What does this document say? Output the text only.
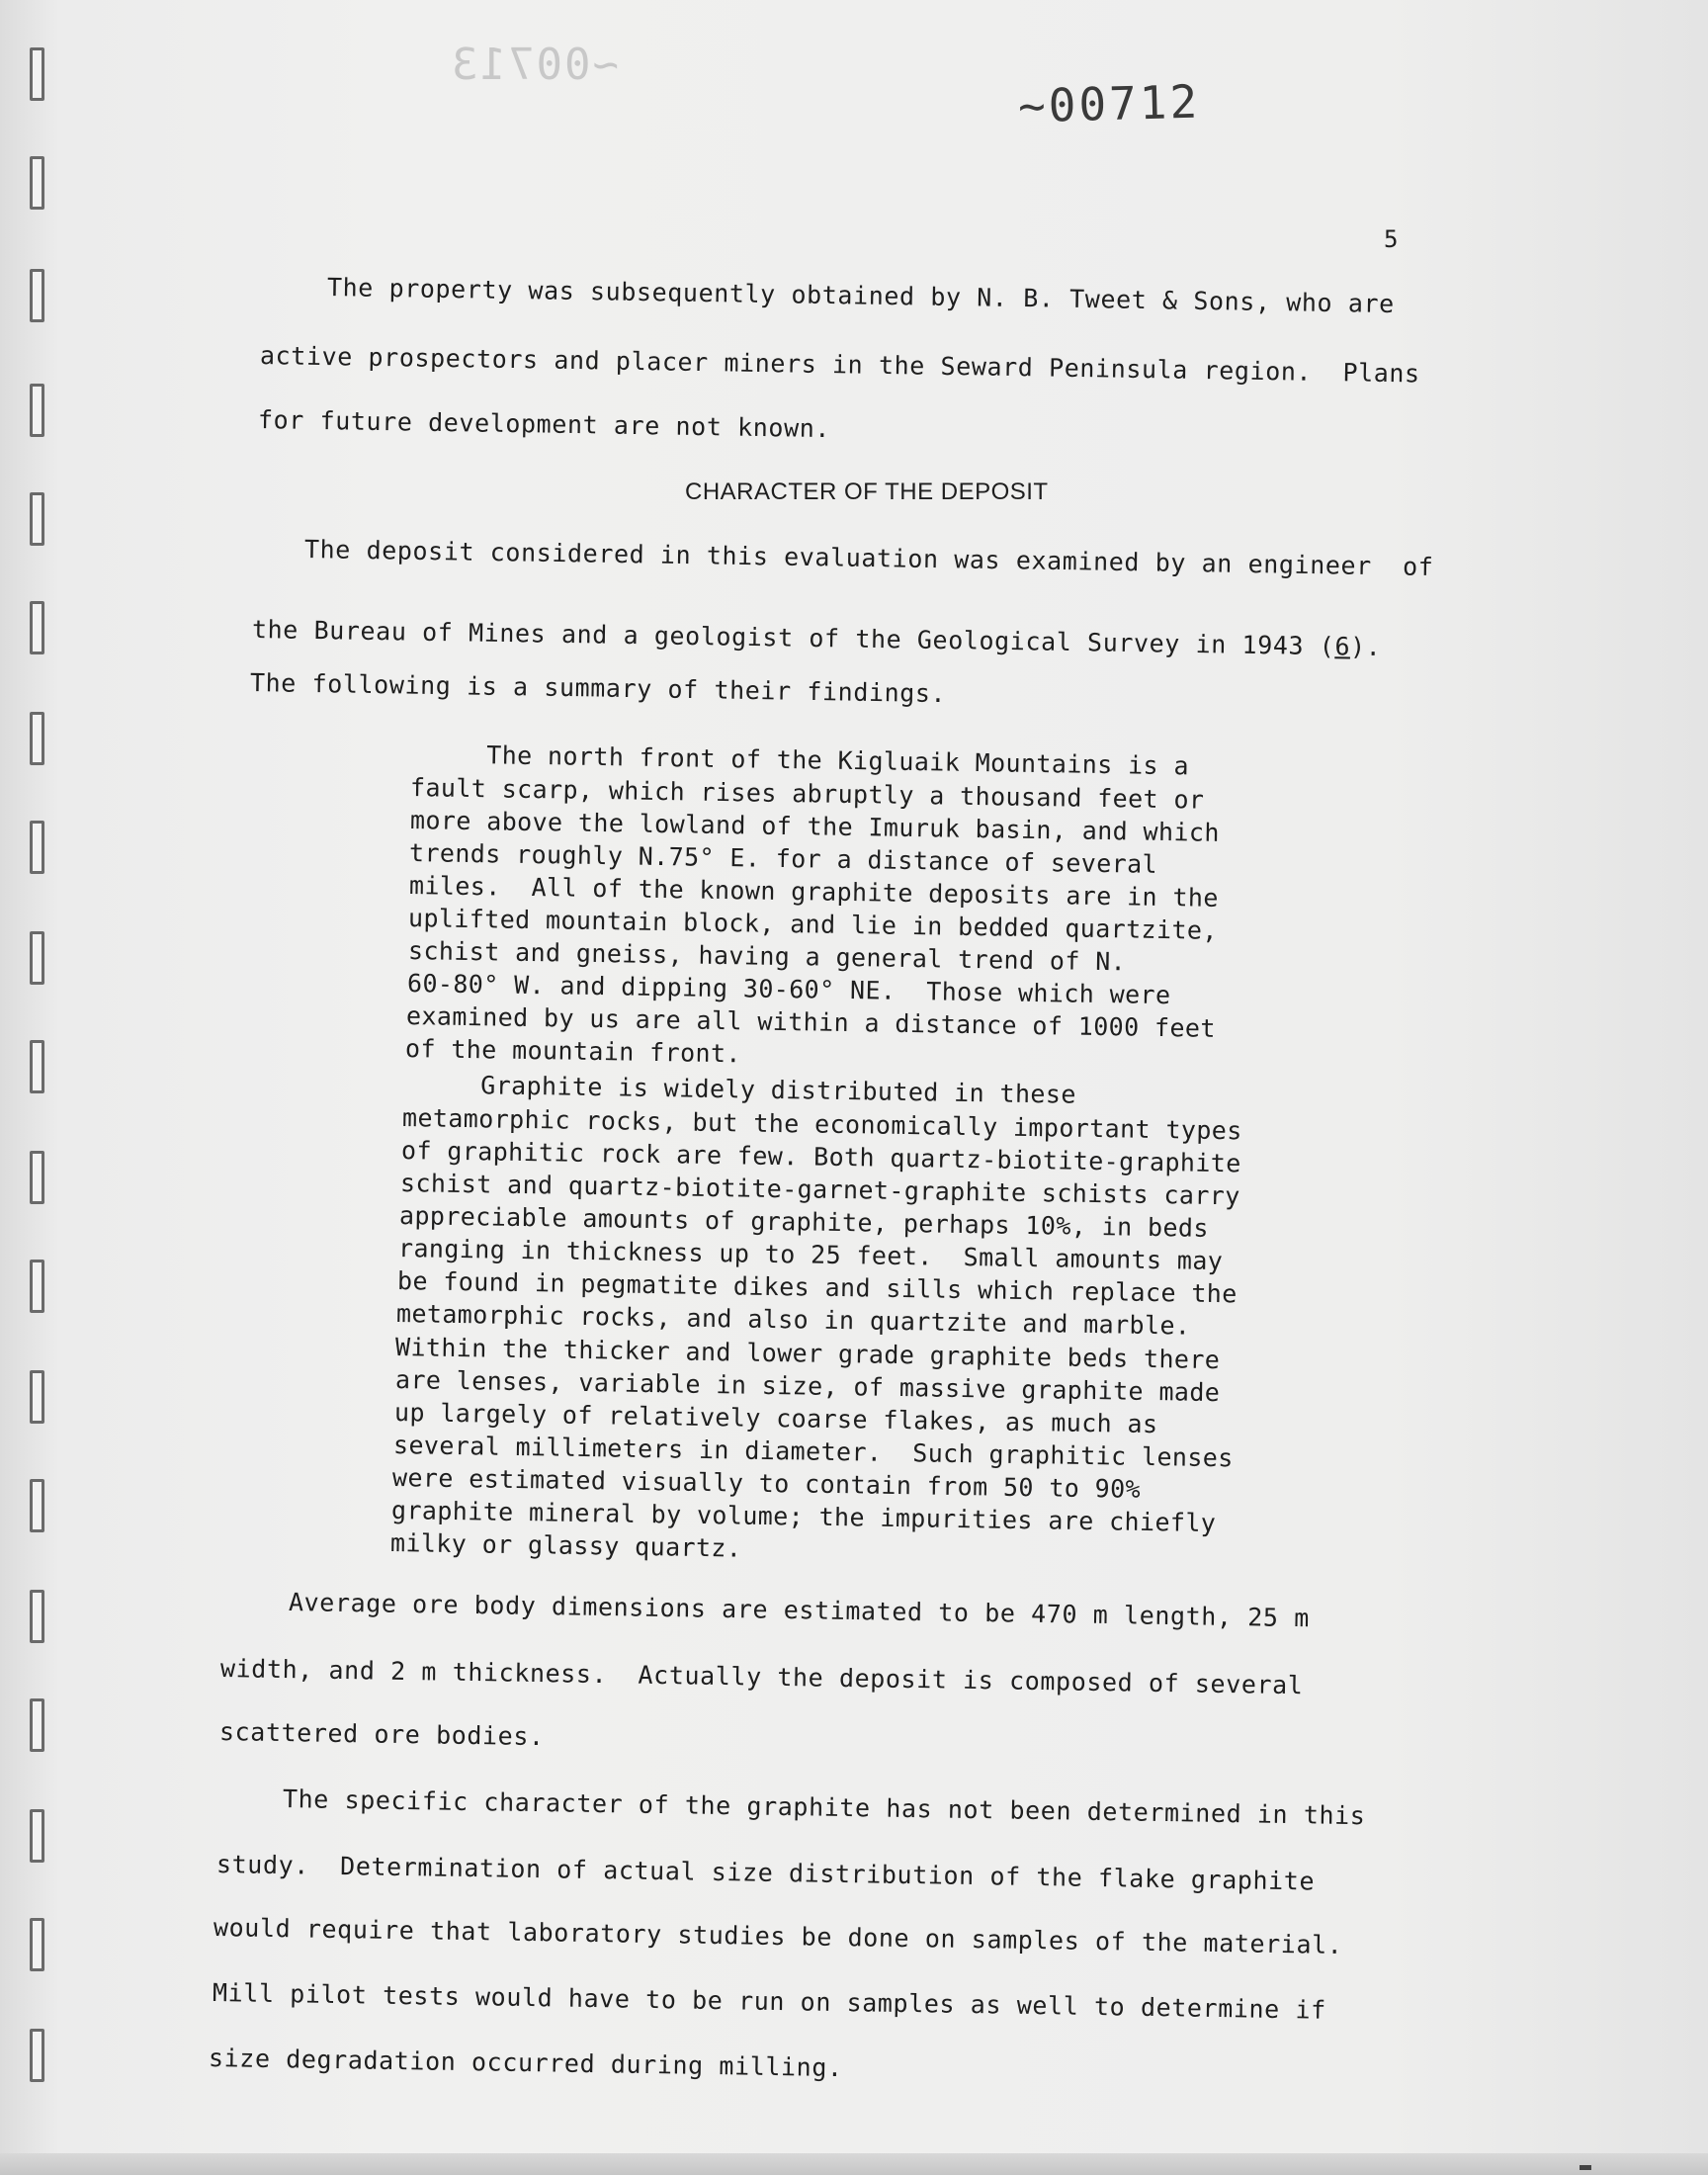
~00713
~00712
5
The property was subsequently obtained by N. B. Tweet & Sons, who are
active prospectors and placer miners in the Seward Peninsula region.  Plans
for future development are not known.
CHARACTER OF THE DEPOSIT
The deposit considered in this evaluation was examined by an engineer  of
the Bureau of Mines and a geologist of the Geological Survey in 1943 (6).
The following is a summary of their findings.
The north front of the Kigluaik Mountains is a
fault scarp, which rises abruptly a thousand feet or
more above the lowland of the Imuruk basin, and which
trends roughly N.75° E. for a distance of several
miles.  All of the known graphite deposits are in the
uplifted mountain block, and lie in bedded quartzite,
schist and gneiss, having a general trend of N.
60-80° W. and dipping 30-60° NE.  Those which were
examined by us are all within a distance of 1000 feet
of the mountain front.
Graphite is widely distributed in these
metamorphic rocks, but the economically important types
of graphitic rock are few. Both quartz-biotite-graphite
schist and quartz-biotite-garnet-graphite schists carry
appreciable amounts of graphite, perhaps 10%, in beds
ranging in thickness up to 25 feet.  Small amounts may
be found in pegmatite dikes and sills which replace the
metamorphic rocks, and also in quartzite and marble.
Within the thicker and lower grade graphite beds there
are lenses, variable in size, of massive graphite made
up largely of relatively coarse flakes, as much as
several millimeters in diameter.  Such graphitic lenses
were estimated visually to contain from 50 to 90%
graphite mineral by volume; the impurities are chiefly
milky or glassy quartz.
Average ore body dimensions are estimated to be 470 m length, 25 m
width, and 2 m thickness.  Actually the deposit is composed of several
scattered ore bodies.
The specific character of the graphite has not been determined in this
study.  Determination of actual size distribution of the flake graphite
would require that laboratory studies be done on samples of the material.
Mill pilot tests would have to be run on samples as well to determine if
size degradation occurred during milling.
